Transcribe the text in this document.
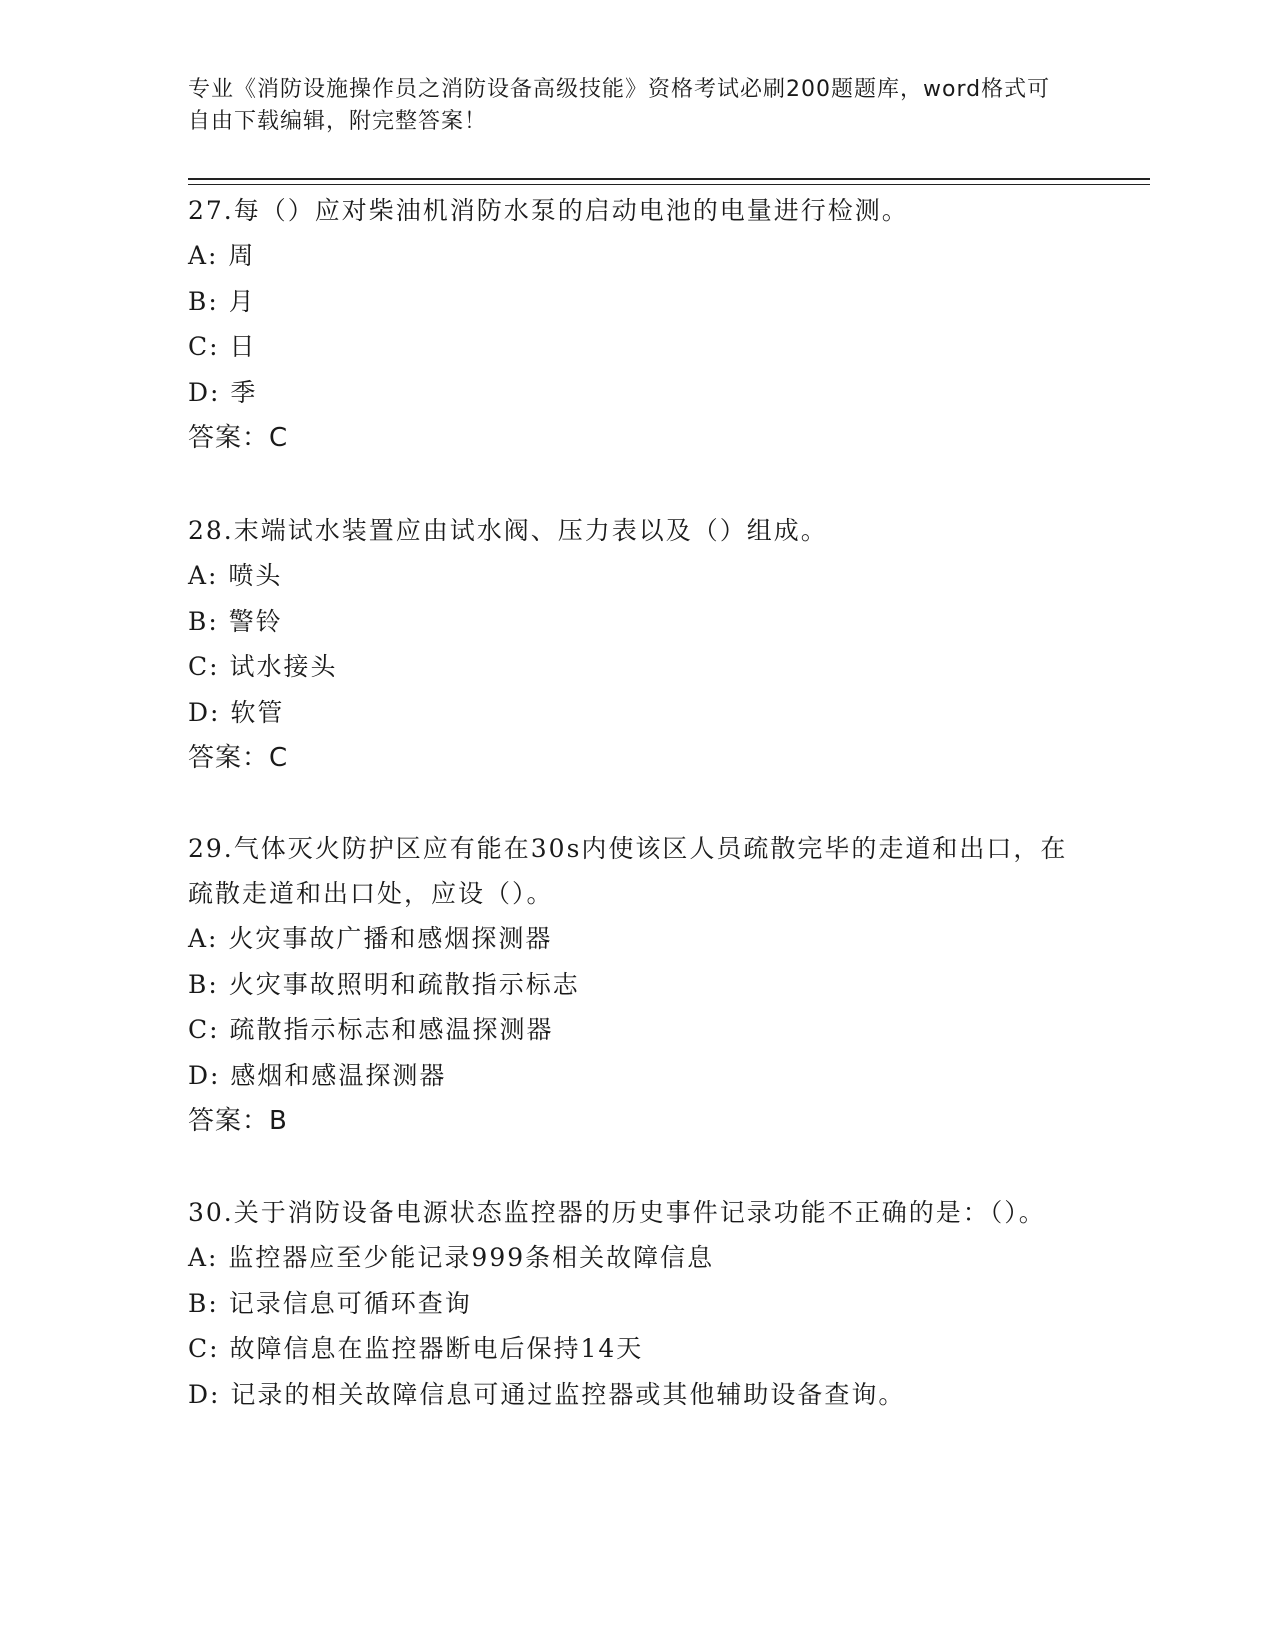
专业《消防设施操作员之消防设备高级技能》资格考试必刷200题题库，word格式可自由下载编辑，附完整答案！

27.每（）应对柴油机消防水泵的启动电池的电量进行检测。

A: 周
B: 月
C: 日
D: 季
答案：C

28.末端试水装置应由试水阀、压力表以及（）组成。

A: 喷头
B: 警铃
C: 试水接头
D: 软管
答案：C

29.气体灭火防护区应有能在30s内使该区人员疏散完毕的走道和出口，在疏散走道和出口处，应设（）。

A: 火灾事故广播和感烟探测器
B: 火灾事故照明和疏散指示标志
C: 疏散指示标志和感温探测器
D: 感烟和感温探测器
答案：B

30.关于消防设备电源状态监控器的历史事件记录功能不正确的是：（）。

A: 监控器应至少能记录999条相关故障信息
B: 记录信息可循环查询
C: 故障信息在监控器断电后保持14天
D: 记录的相关故障信息可通过监控器或其他辅助设备查询。
